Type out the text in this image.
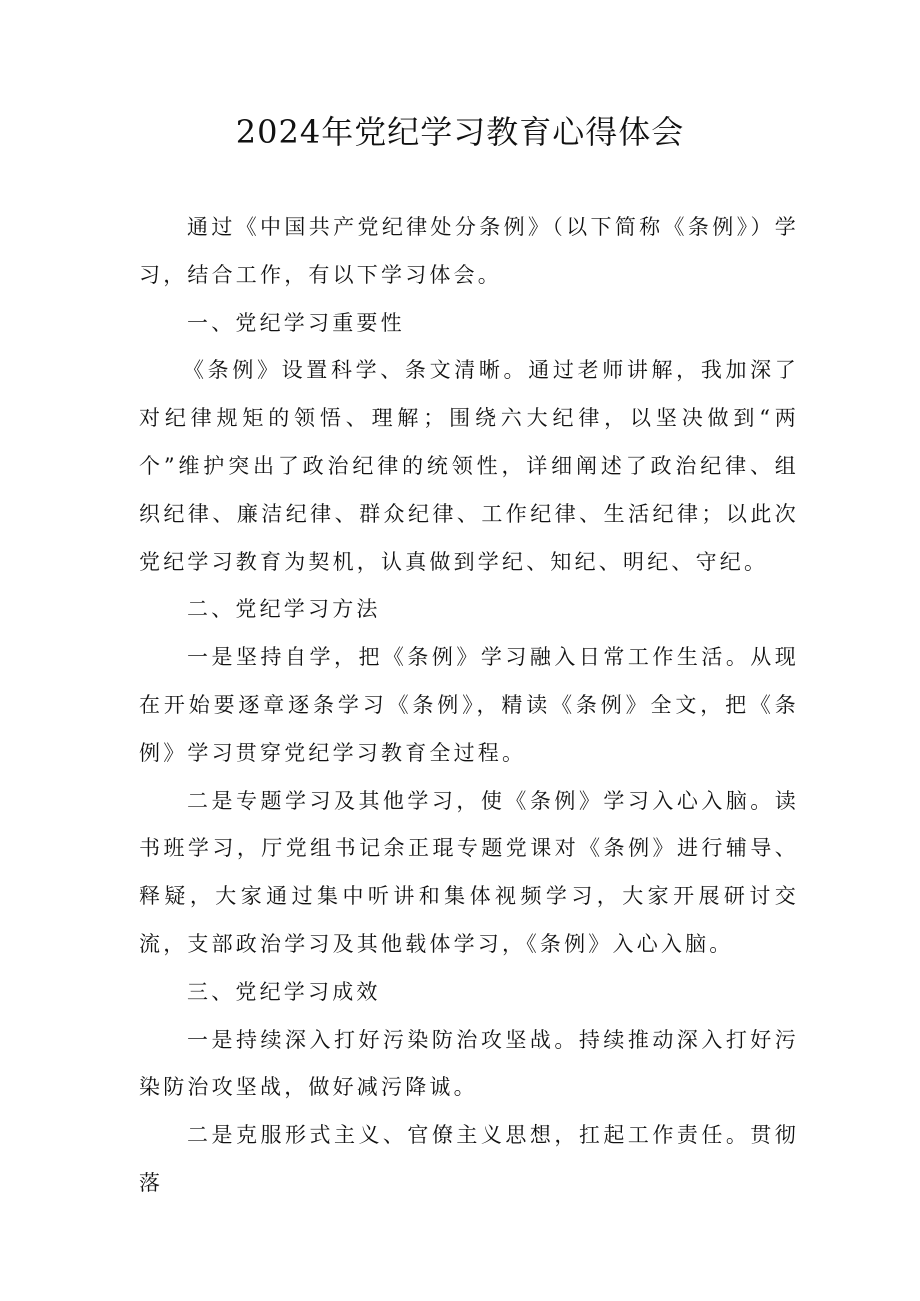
2024年党纪学习教育心得体会

通过《中国共产党纪律处分条例》（以下简称《条例》）学习，结合工作，有以下学习体会。

一、党纪学习重要性

《条例》设置科学、条文清晰。通过老师讲解，我加深了对纪律规矩的领悟、理解；围绕六大纪律，以坚决做到“两个”维护突出了政治纪律的统领性，详细阐述了政治纪律、组织纪律、廉洁纪律、群众纪律、工作纪律、生活纪律；以此次党纪学习教育为契机，认真做到学纪、知纪、明纪、守纪。

二、党纪学习方法

一是坚持自学，把《条例》学习融入日常工作生活。从现在开始要逐章逐条学习《条例》，精读《条例》全文，把《条例》学习贯穿党纪学习教育全过程。

二是专题学习及其他学习，使《条例》学习入心入脑。读书班学习，厅党组书记余正琨专题党课对《条例》进行辅导、释疑，大家通过集中听讲和集体视频学习，大家开展研讨交流，支部政治学习及其他载体学习，《条例》入心入脑。

三、党纪学习成效

一是持续深入打好污染防治攻坚战。持续推动深入打好污染防治攻坚战，做好减污降诚。

二是克服形式主义、官僚主义思想，扛起工作责任。贯彻落
